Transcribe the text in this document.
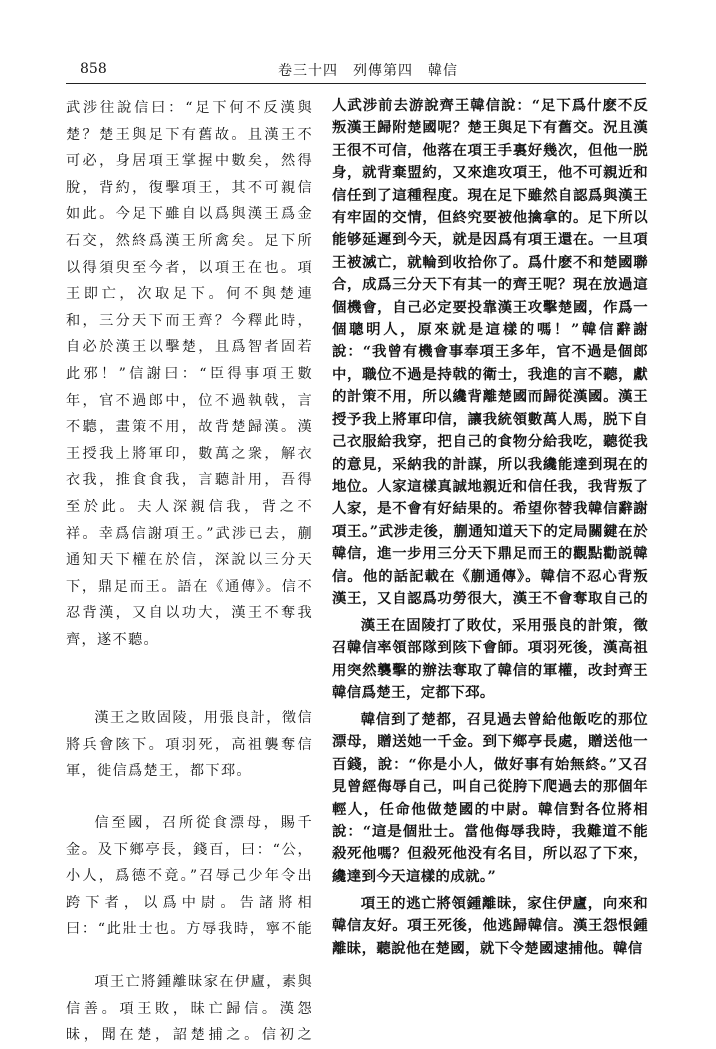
858	卷三十四　列傳第四　韓信

武涉往說信曰：“足下何不反漢與楚？楚王與足下有舊故。且漢王不可必，身居項王掌握中數矣，然得脫，背約，復擊項王，其不可親信如此。今足下雖自以爲與漢王爲金石交，然終爲漢王所禽矣。足下所以得須臾至今者，以項王在也。項王即亡，次取足下。何不與楚連和，三分天下而王齊？今釋此時，自必於漢王以擊楚，且爲智者固若此邪！”信謝曰：“臣得事項王數年，官不過郎中，位不過執戟，言不聽，畫策不用，故背楚歸漢。漢王授我上將軍印，數萬之衆，解衣衣我，推食食我，言聽計用，吾得至於此。夫人深親信我，背之不祥。幸爲信謝項王。”武涉已去，蒯通知天下權在於信，深說以三分天下，鼎足而王。語在《通傳》。信不忍背漢，又自以功大，漢王不奪我齊，遂不聽。

漢王之敗固陵，用張良計，徵信將兵會陔下。項羽死，高祖襲奪信軍，徙信爲楚王，都下邳。

信至國，召所從食漂母，賜千金。及下鄉亭長，錢百，曰：“公，小人，爲德不竟。”召辱己少年令出跨下者，以爲中尉。告諸將相曰：“此壯士也。方辱我時，寧不能

項王亡將鍾離昧家在伊廬，素與信善。項王敗，昧亡歸信。漢怨昧，聞在楚，詔楚捕之。信初之

人武涉前去游說齊王韓信說：“足下爲什麽不反叛漢王歸附楚國呢？楚王與足下有舊交。況且漢王很不可信，他落在項王手裏好幾次，但他一脱身，就背棄盟約，又來進攻項王，他不可親近和信任到了這種程度。現在足下雖然自認爲與漢王有牢固的交情，但終究要被他擒拿的。足下所以能够延遲到今天，就是因爲有項王還在。一旦項王被滅亡，就輪到收拾你了。爲什麽不和楚國聯合，成爲三分天下有其一的齊王呢？現在放過這個機會，自己必定要投靠漢王攻擊楚國，作爲一個聰明人，原來就是這樣的嗎！”韓信辭謝說：“我曾有機會事奉項王多年，官不過是個郎中，職位不過是持戟的衛士，我進的言不聽，獻的計策不用，所以纔背離楚國而歸從漢國。漢王授予我上將軍印信，讓我統領數萬人馬，脱下自己衣服給我穿，把自己的食物分給我吃，聽從我的意見，采納我的計謀，所以我纔能達到現在的地位。人家這樣真誠地親近和信任我，我背叛了人家，是不會有好結果的。希望你替我韓信辭謝項王。”武涉走後，蒯通知道天下的定局關鍵在於韓信，進一步用三分天下鼎足而王的觀點勸説韓信。他的話記載在《蒯通傳》。韓信不忍心背叛漢王，又自認爲功勞很大，漢王不會奪取自己的

漢王在固陵打了敗仗，采用張良的計策，徵召韓信率領部隊到陔下會師。項羽死後，漢高祖用突然襲擊的辦法奪取了韓信的軍權，改封齊王韓信爲楚王，定都下邳。

韓信到了楚都，召見過去曾給他飯吃的那位漂母，贈送她一千金。到下鄉亭長處，贈送他一百錢，說：“你是小人，做好事有始無終。”又召見曾經侮辱自己，叫自己從胯下爬過去的那個年輕人，任命他做楚國的中尉。韓信對各位將相說：“這是個壯士。當他侮辱我時，我難道不能殺死他嗎？但殺死他没有名目，所以忍了下來，纔達到今天這樣的成就。”

項王的逃亡將領鍾離昧，家住伊廬，向來和韓信友好。項王死後，他逃歸韓信。漢王怨恨鍾離昧，聽說他在楚國，就下令楚國逮捕他。韓信
